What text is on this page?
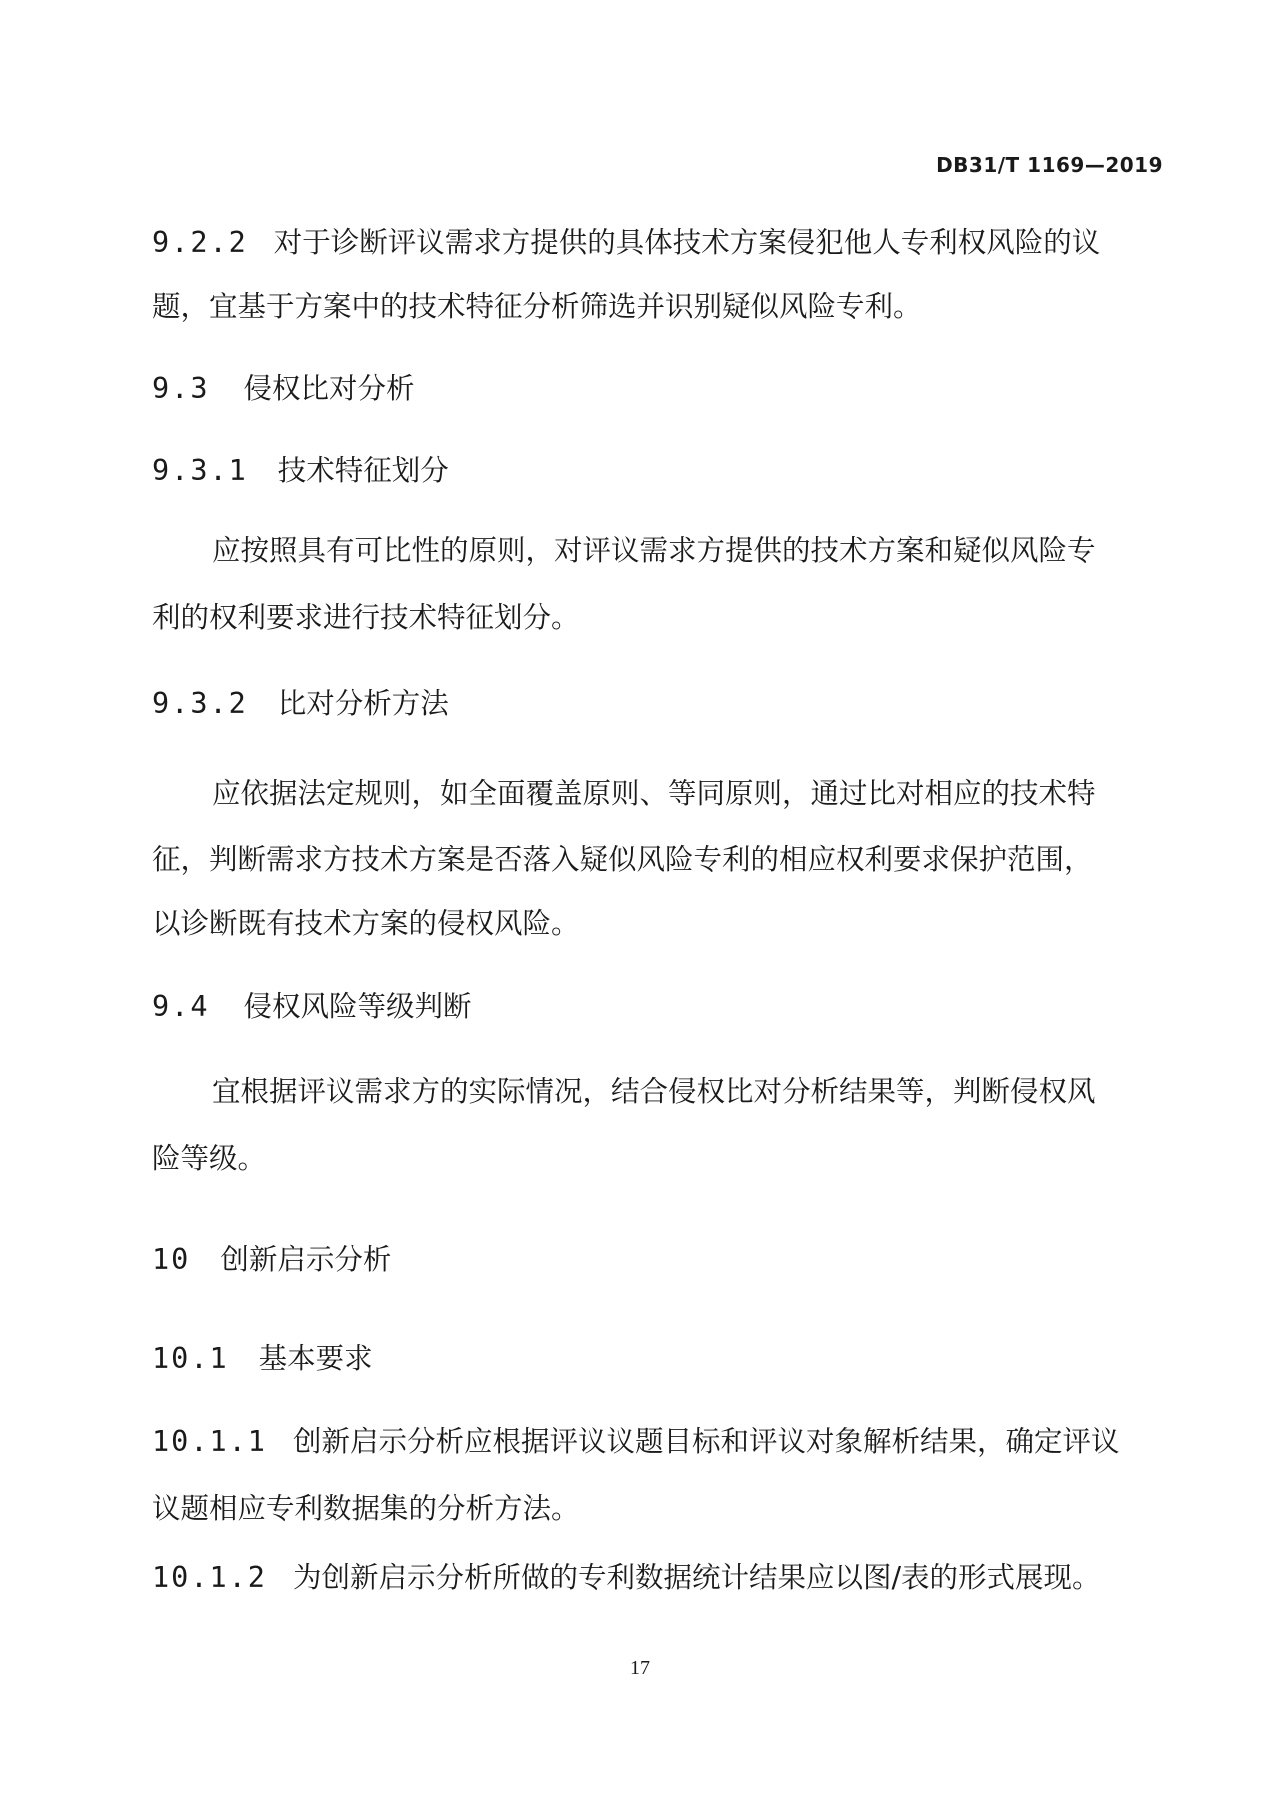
DB31/T 1169—2019
9.2.2 对于诊断评议需求方提供的具体技术方案侵犯他人专利权风险的议
题，宜基于方案中的技术特征分析筛选并识别疑似风险专利。
9.3 侵权比对分析
9.3.1 技术特征划分
应按照具有可比性的原则，对评议需求方提供的技术方案和疑似风险专
利的权利要求进行技术特征划分。
9.3.2 比对分析方法
应依据法定规则，如全面覆盖原则、等同原则，通过比对相应的技术特
征，判断需求方技术方案是否落入疑似风险专利的相应权利要求保护范围，
以诊断既有技术方案的侵权风险。
9.4 侵权风险等级判断
宜根据评议需求方的实际情况，结合侵权比对分析结果等，判断侵权风
险等级。
10 创新启示分析
10.1 基本要求
10.1.1 创新启示分析应根据评议议题目标和评议对象解析结果，确定评议
议题相应专利数据集的分析方法。
10.1.2 为创新启示分析所做的专利数据统计结果应以图/表的形式展现。
17
